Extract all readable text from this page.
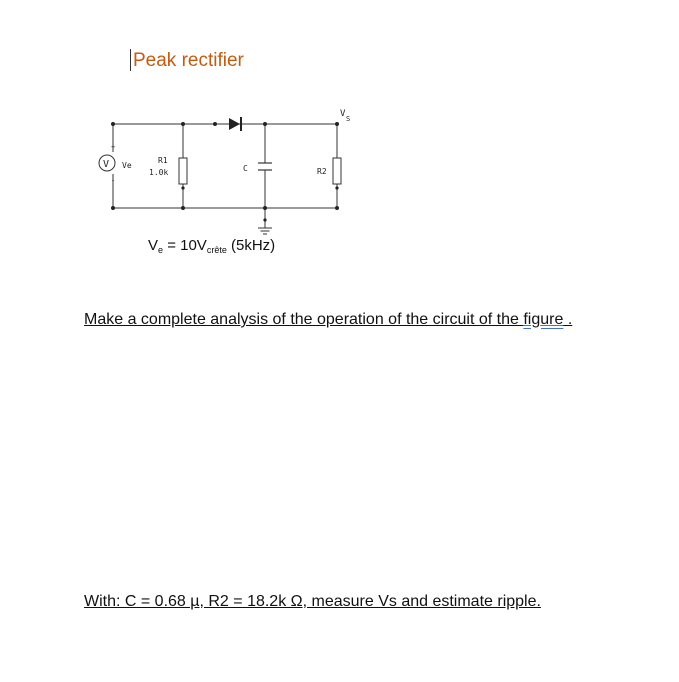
Peak rectifier
V Ve
+
-
R1
1.0k	C	R2
V S
$V_e = 10V_{crête}$ (5kHz)
Make a complete analysis of the operation of the circuit of the figure .
With: C = 0.68 µ, R2 = 18.2k Ω, measure Vs and estimate ripple.
